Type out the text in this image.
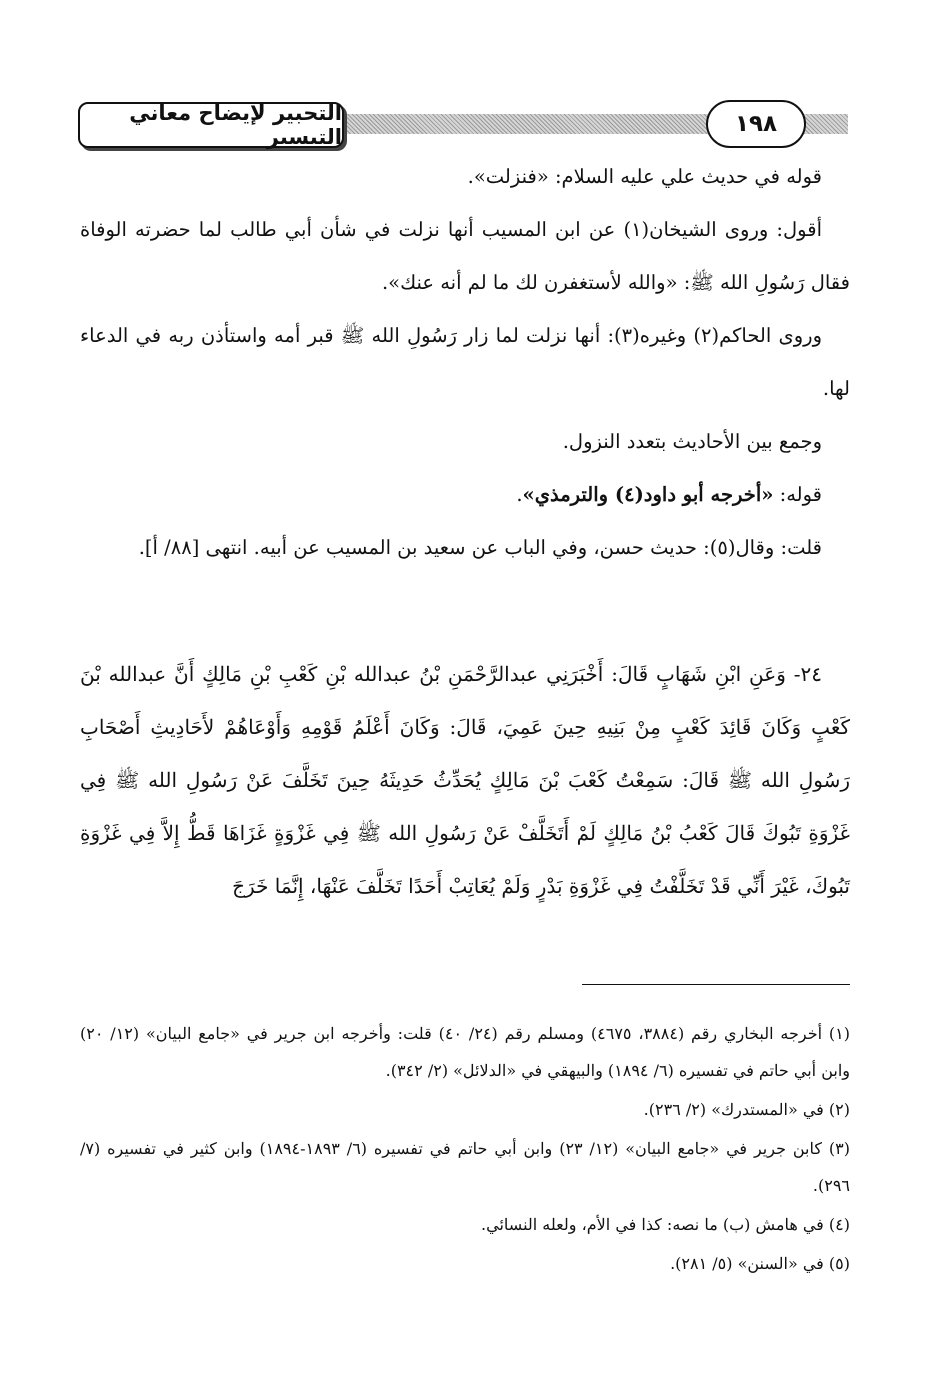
التحبير لإيضاح معاني التيسير	١٩٨

قوله في حديث علي عليه السلام: «فنزلت».

أقول: وروى الشيخان(١) عن ابن المسيب أنها نزلت في شأن أبي طالب لما حضرته الوفاة فقال رَسُولِ الله ﷺ: «والله لأستغفرن لك ما لم أنه عنك».

وروى الحاكم(٢) وغيره(٣): أنها نزلت لما زار رَسُولِ الله ﷺ قبر أمه واستأذن ربه في الدعاء لها.

وجمع بين الأحاديث بتعدد النزول.

قوله: «أخرجه أبو داود(٤) والترمذي».

قلت: وقال(٥): حديث حسن، وفي الباب عن سعيد بن المسيب عن أبيه. انتهى [٨٨/ أ].

٢٤- وَعَنِ ابْنِ شَهَابٍ قَالَ: أَخْبَرَنِي عبدالرَّحْمَنِ بْنُ عبدالله بْنِ كَعْبِ بْنِ مَالِكٍ أَنَّ عبدالله بْنَ كَعْبٍ وَكَانَ قَائِدَ كَعْبٍ مِنْ بَنِيهِ حِينَ عَمِيَ، قَالَ: وَكَانَ أَعْلَمُ قَوْمِهِ وَأَوْعَاهُمْ لأَحَادِيثِ أَصْحَابِ رَسُولِ الله ﷺ قَالَ: سَمِعْتُ كَعْبَ بْنَ مَالِكٍ يُحَدِّثُ حَدِيثَهُ حِينَ تَخَلَّفَ عَنْ رَسُولِ الله ﷺ فِي غَزْوَةِ تَبُوكَ قَالَ كَعْبُ بْنُ مَالِكٍ لَمْ أَتَخَلَّفْ عَنْ رَسُولِ الله ﷺ فِي غَزْوَةٍ غَزَاهَا قَطُّ إِلاَّ فِي غَزْوَةِ تَبُوكَ، غَيْرَ أَنِّي قَدْ تَخَلَّفْتُ فِي غَزْوَةِ بَدْرٍ وَلَمْ يُعَاتِبْ أَحَدًا تَخَلَّفَ عَنْهَا، إِنَّمَا خَرَجَ

(١) أخرجه البخاري رقم (٣٨٨٤، ٤٦٧٥) ومسلم رقم (٢٤/ ٤٠) قلت: وأخرجه ابن جرير في «جامع البيان» (١٢/ ٢٠) وابن أبي حاتم في تفسيره (٦/ ١٨٩٤) والبيهقي في «الدلائل» (٢/ ٣٤٢).

(٢) في «المستدرك» (٢/ ٢٣٦).

(٣) كابن جرير في «جامع البيان» (١٢/ ٢٣) وابن أبي حاتم في تفسيره (٦/ ١٨٩٣-١٨٩٤) وابن كثير في تفسيره (٧/ ٢٩٦).

(٤) في هامش (ب) ما نصه: كذا في الأم، ولعله النسائي.

(٥) في «السنن» (٥/ ٢٨١).
